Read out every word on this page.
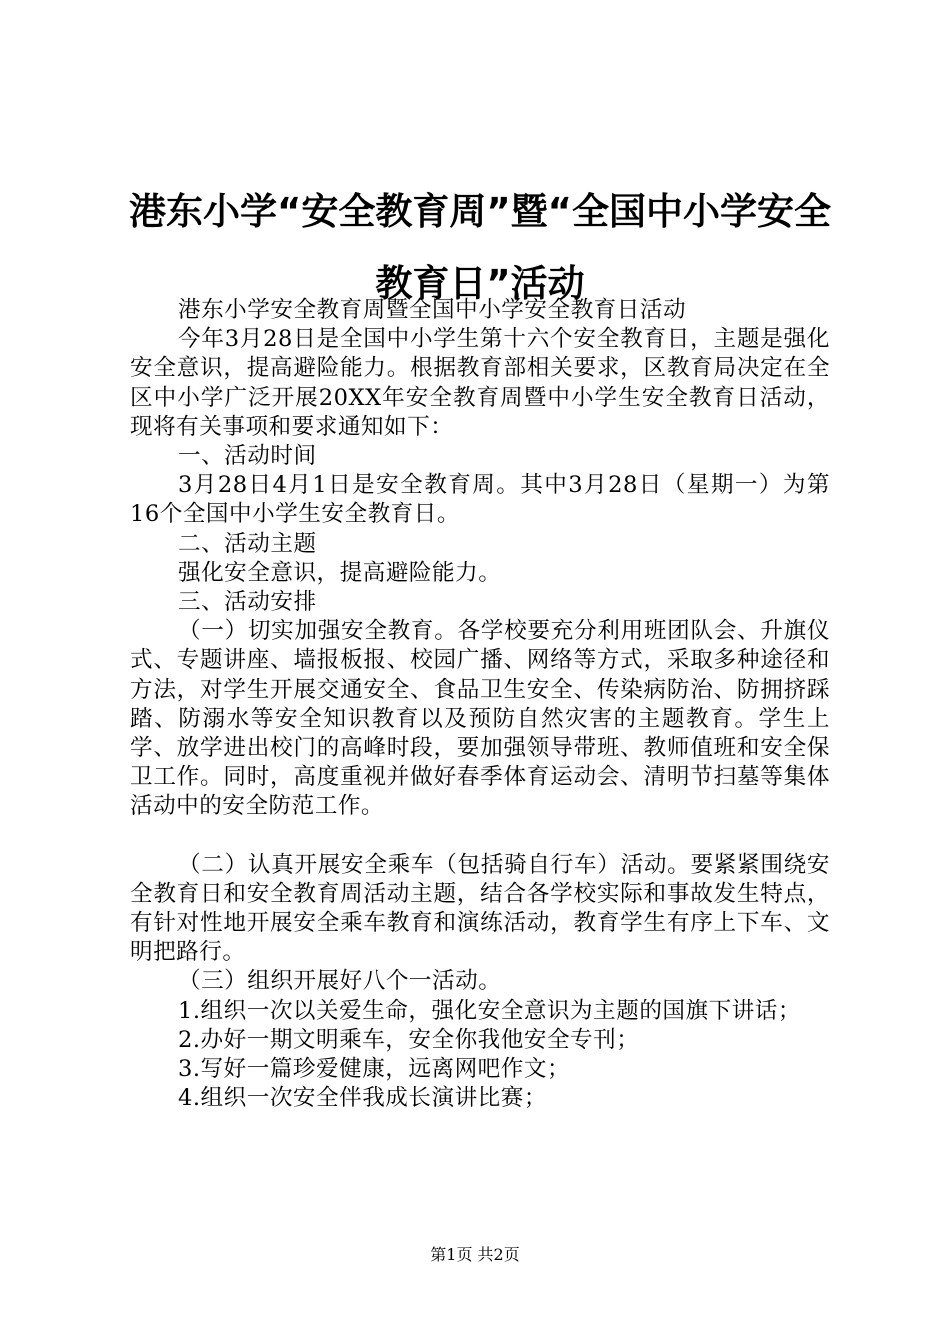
港东小学“安全教育周”暨“全国中小学安全
教育日”活动

港东小学安全教育周暨全国中小学安全教育日活动

今年3月28日是全国中小学生第十六个安全教育日，主题是强化安全意识，提高避险能力。根据教育部相关要求，区教育局决定在全区中小学广泛开展20XX年安全教育周暨中小学生安全教育日活动，现将有关事项和要求通知如下：

一、活动时间

3月28日4月1日是安全教育周。其中3月28日（星期一）为第16个全国中小学生安全教育日。

二、活动主题

强化安全意识，提高避险能力。

三、活动安排

（一）切实加强安全教育。各学校要充分利用班团队会、升旗仪式、专题讲座、墙报板报、校园广播、网络等方式，采取多种途径和方法，对学生开展交通安全、食品卫生安全、传染病防治、防拥挤踩踏、防溺水等安全知识教育以及预防自然灾害的主题教育。学生上学、放学进出校门的高峰时段，要加强领导带班、教师值班和安全保卫工作。同时，高度重视并做好春季体育运动会、清明节扫墓等集体活动中的安全防范工作。

（二）认真开展安全乘车（包括骑自行车）活动。要紧紧围绕安全教育日和安全教育周活动主题，结合各学校实际和事故发生特点，有针对性地开展安全乘车教育和演练活动，教育学生有序上下车、文明把路行。

（三）组织开展好八个一活动。

1.组织一次以关爱生命，强化安全意识为主题的国旗下讲话；

2.办好一期文明乘车，安全你我他安全专刊；

3.写好一篇珍爱健康，远离网吧作文；

4.组织一次安全伴我成长演讲比赛；

第1页 共2页
